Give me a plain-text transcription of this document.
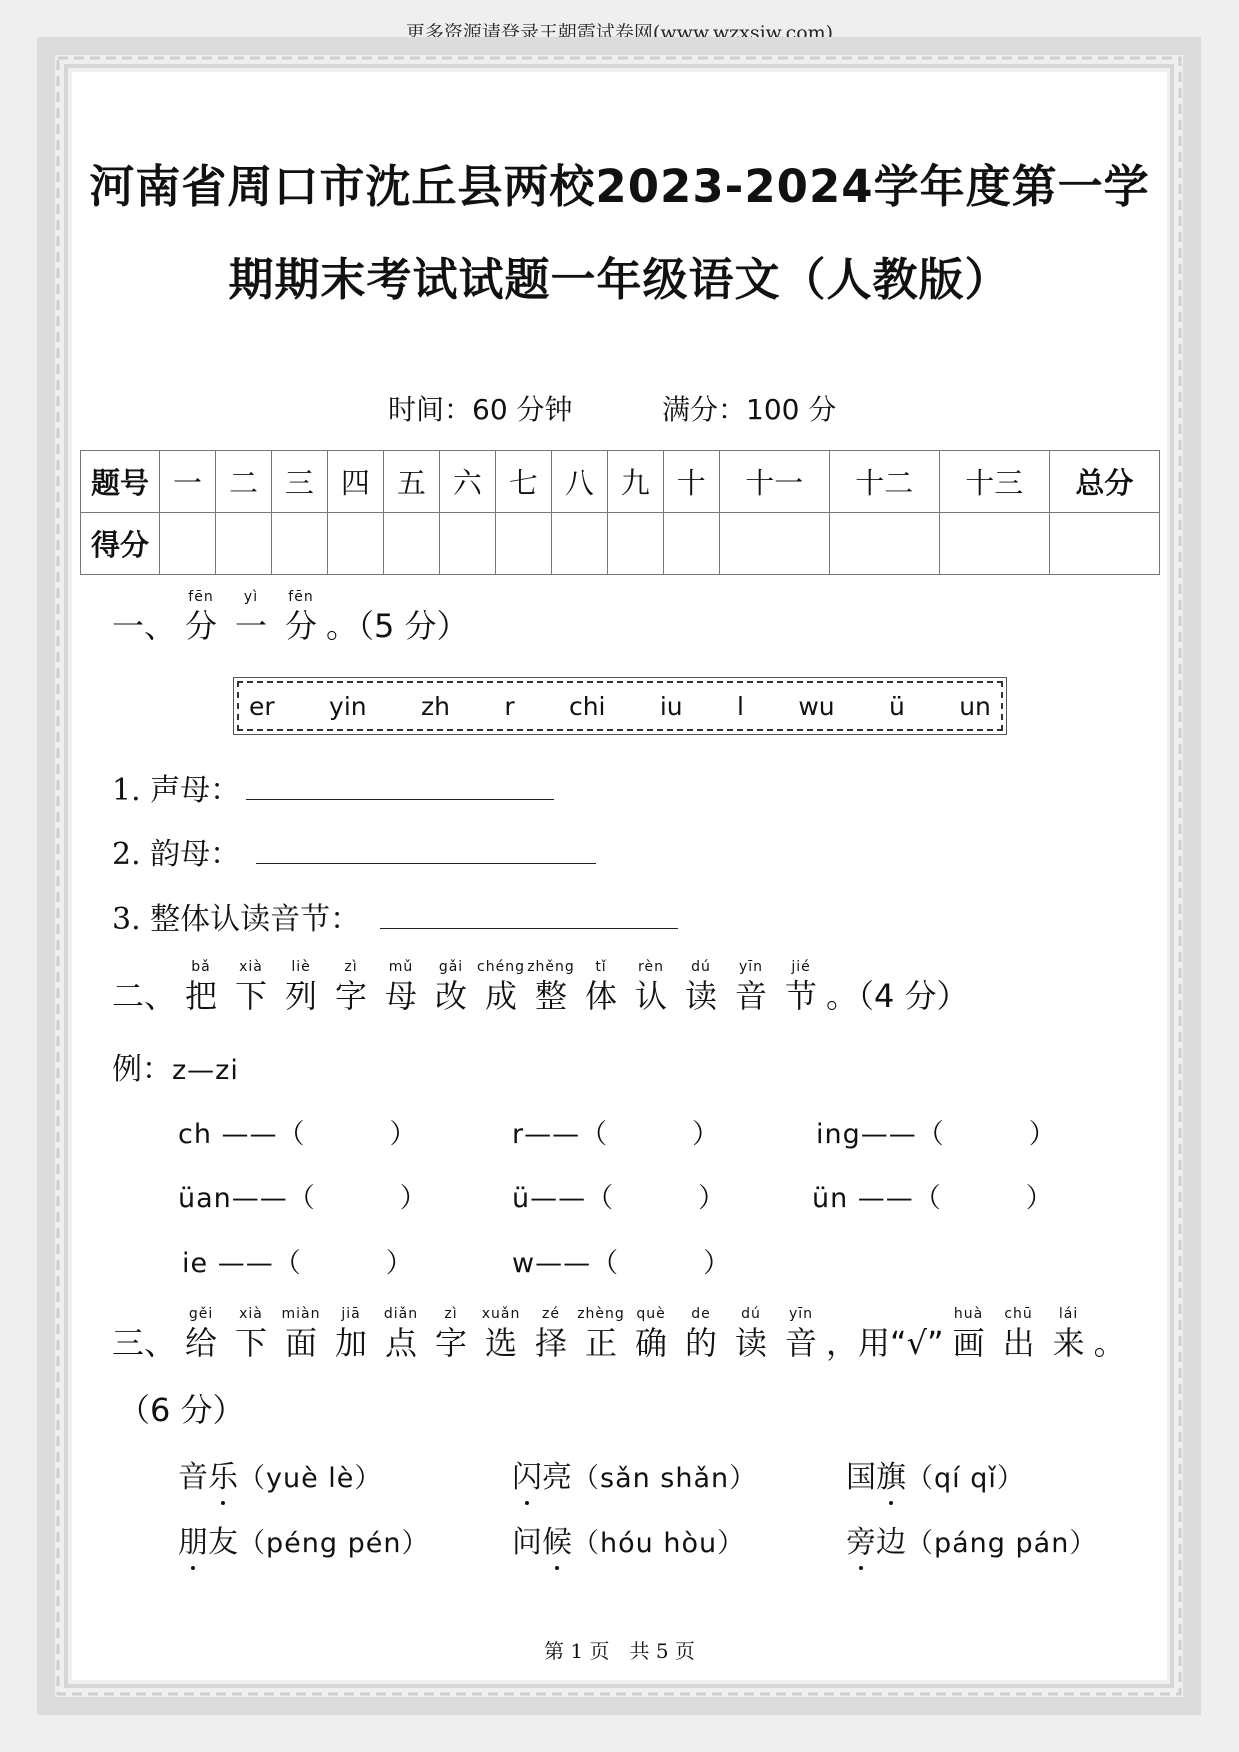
更多资源请登录王朝霞试卷网(www.wzxsjw.com)
河南省周口市沈丘县两校2023-2024学年度第一学
期期末考试试题一年级语文（人教版）
时间：60 分钟	满分：100 分
题号	一	二	三	四	五	六	七	八	九	十	十一	十二	十三	总分
得分														
一、
fēn
分
yì
一
fēn
分 。（5 分）
er yin zh r chi iu l wu ü un
1. 声母：
2. 韵母：
3. 整体认读音节：
二、
bǎ
把
xià
下
liè
列
zì
字
mǔ
母
gǎi
改
chéng
成
zhěng
整
tǐ
体
rèn
认
dú
读
yīn
音
jié
节 。（4 分）
例：z—zi
ch ——（　　　）	r——（　　　）	ing——（　　　）
üan——（　　　）	ü——（　　　）	ün ——（　　　）
ie ——（　　　）	w——（　　　）
三、
gěi
给
xià
下
miàn
面
jiā
加
diǎn
点
zì
字
xuǎn
选
zé
择
zhèng
正
què
确
de
的
dú
读
yīn
音 ，用“√”
huà
画
chū
出
lái
来 。
（6 分）
音乐（yuè lè）	闪亮（sǎn shǎn）	国旗（qí qǐ）
朋友（péng pén）	问候（hóu hòu）	旁边（páng pán）
第 1 页　共 5 页
